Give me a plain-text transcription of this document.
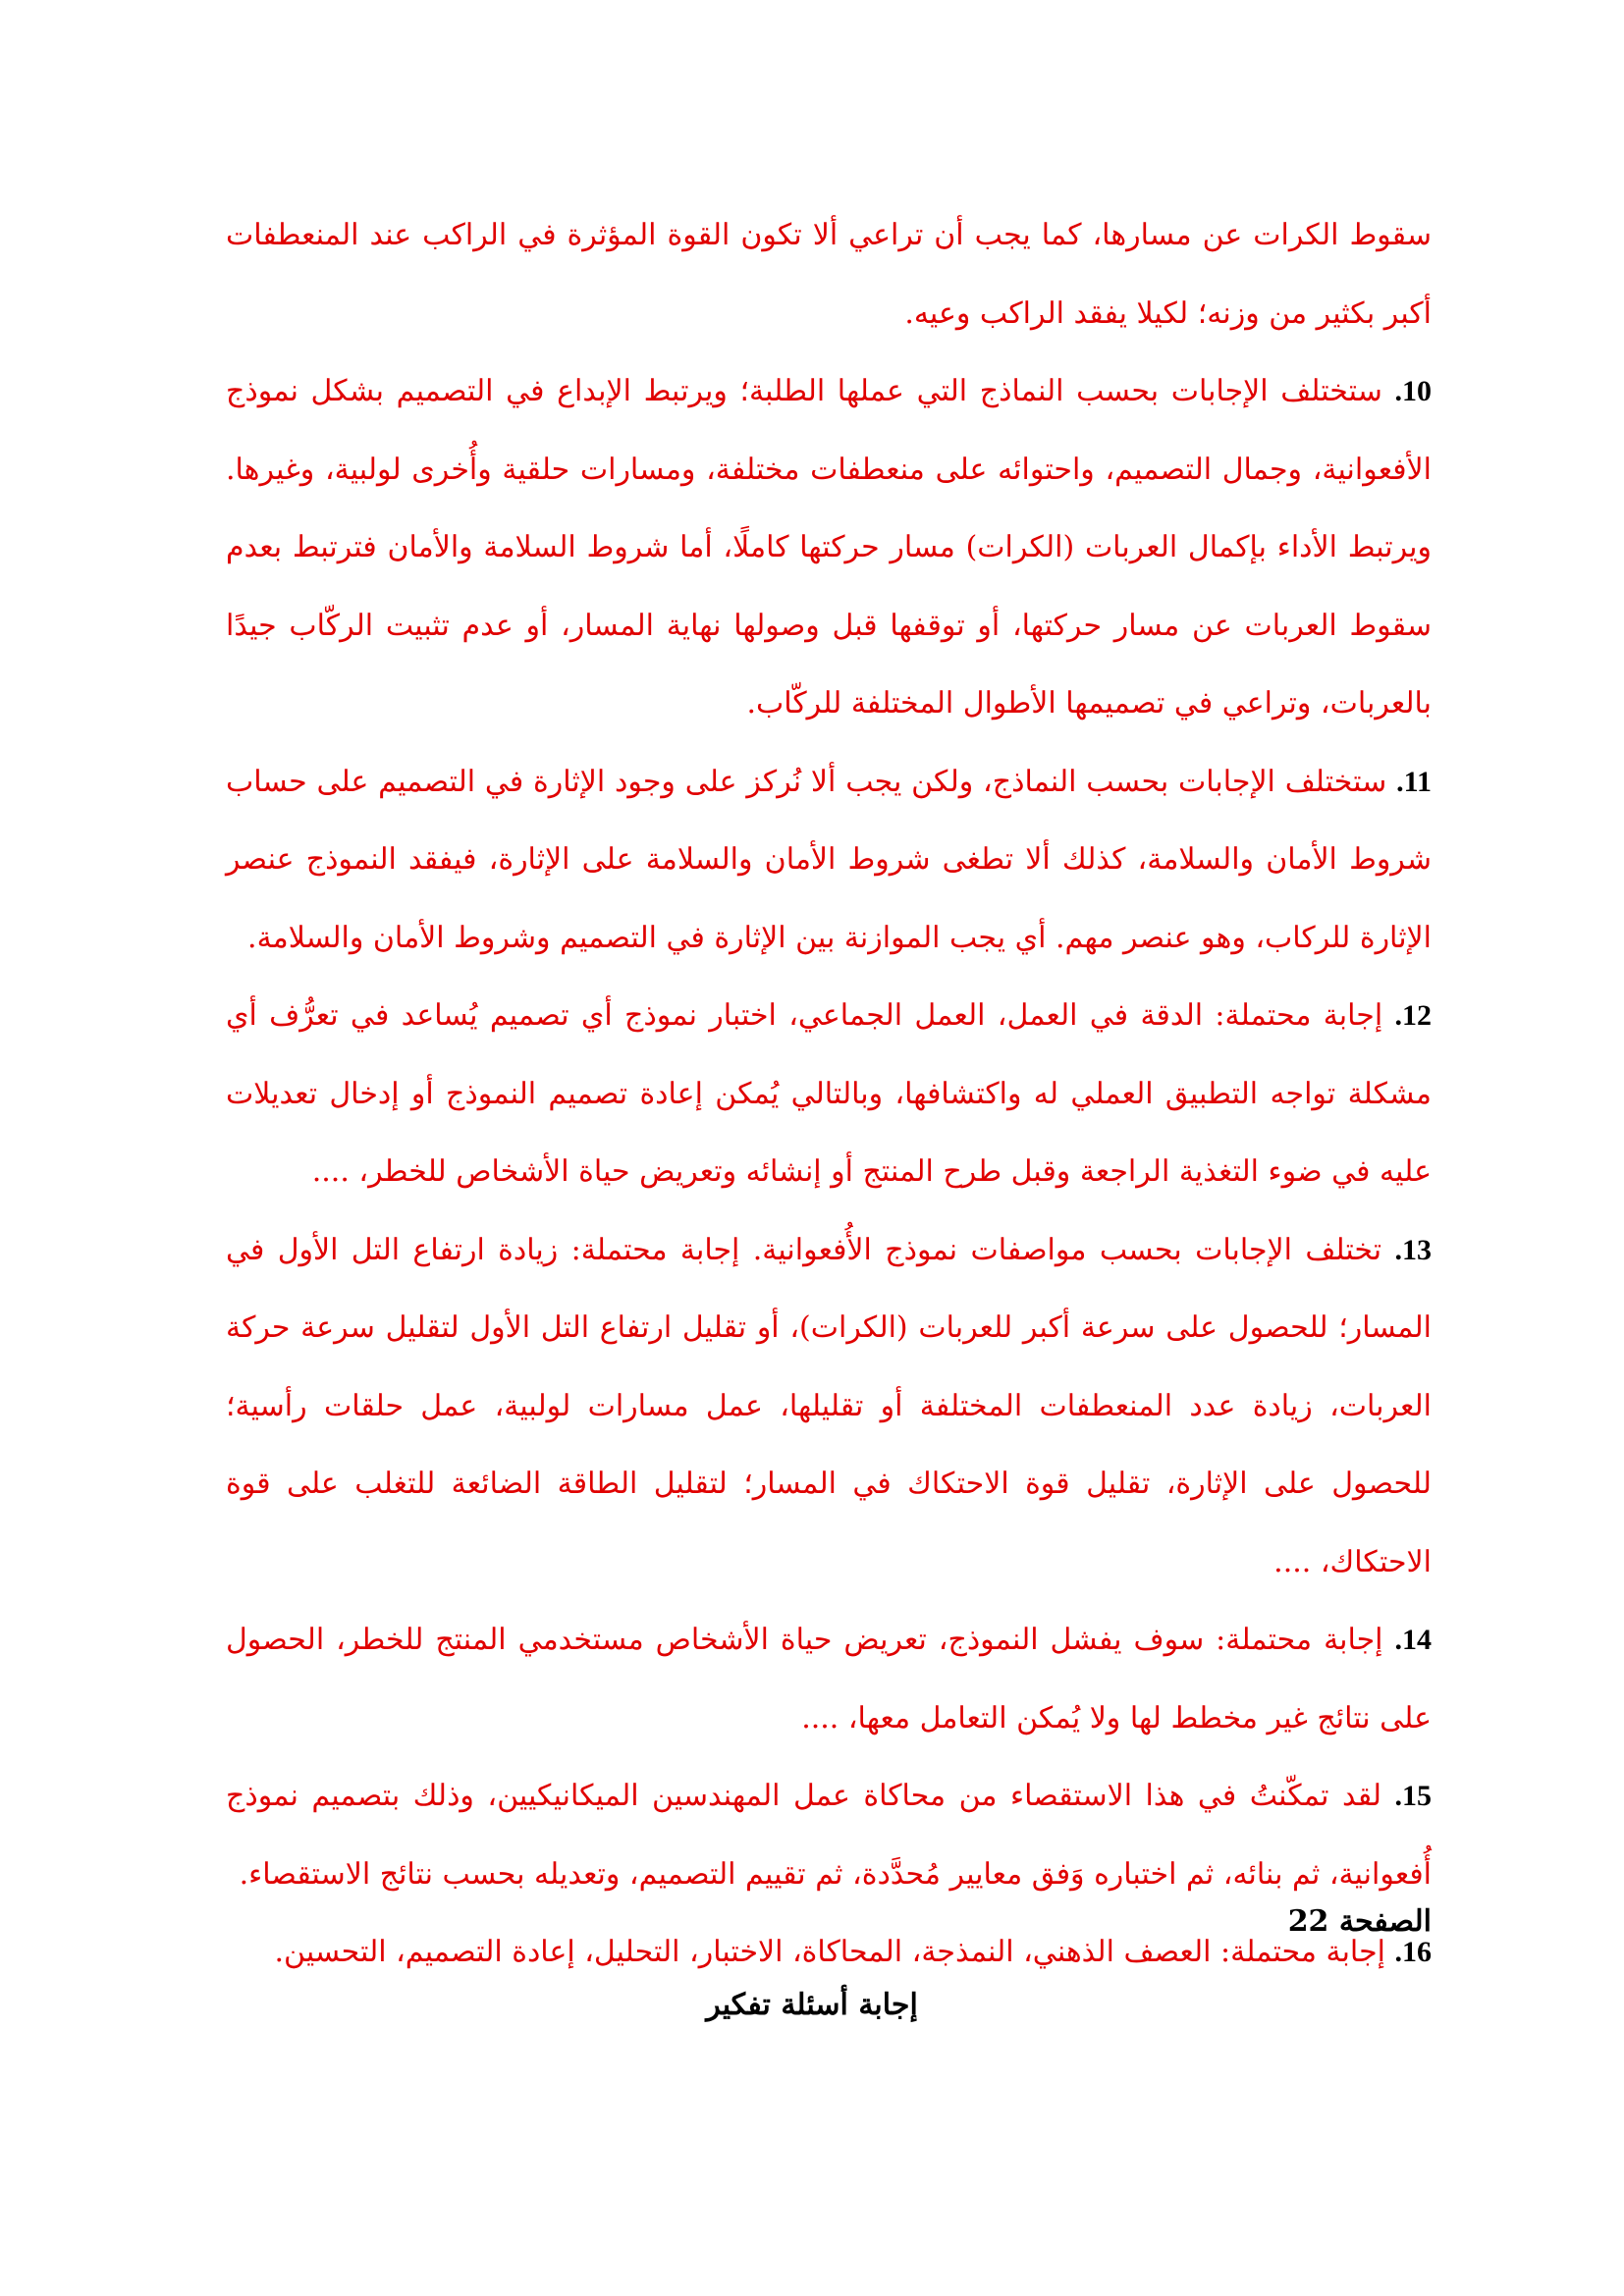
سقوط الكرات عن مسارها، كما يجب أن تراعي ألا تكون القوة المؤثرة في الراكب عند المنعطفات أكبر بكثير من وزنه؛ لكيلا يفقد الراكب وعيه.

10. ستختلف الإجابات بحسب النماذج التي عملها الطلبة؛ ويرتبط الإبداع في التصميم بشكل نموذج الأفعوانية، وجمال التصميم، واحتوائه على منعطفات مختلفة، ومسارات حلقية وأُخرى لولبية، وغيرها. ويرتبط الأداء بإكمال العربات (الكرات) مسار حركتها كاملًا، أما شروط السلامة والأمان فترتبط بعدم سقوط العربات عن مسار حركتها، أو توقفها قبل وصولها نهاية المسار، أو عدم تثبيت الركّاب جيدًا بالعربات، وتراعي في تصميمها الأطوال المختلفة للركّاب.

11. ستختلف الإجابات بحسب النماذج، ولكن يجب ألا نُركز على وجود الإثارة في التصميم على حساب شروط الأمان والسلامة، كذلك ألا تطغى شروط الأمان والسلامة على الإثارة، فيفقد النموذج عنصر الإثارة للركاب، وهو عنصر مهم. أي يجب الموازنة بين الإثارة في التصميم وشروط الأمان والسلامة.

12. إجابة محتملة: الدقة في العمل، العمل الجماعي، اختبار نموذج أي تصميم يُساعد في تعرُّف أي مشكلة تواجه التطبيق العملي له واكتشافها، وبالتالي يُمكن إعادة تصميم النموذج أو إدخال تعديلات عليه في ضوء التغذية الراجعة وقبل طرح المنتج أو إنشائه وتعريض حياة الأشخاص للخطر، ....

13. تختلف الإجابات بحسب مواصفات نموذج الأُفعوانية. إجابة محتملة: زيادة ارتفاع التل الأول في المسار؛ للحصول على سرعة أكبر للعربات (الكرات)، أو تقليل ارتفاع التل الأول لتقليل سرعة حركة العربات، زيادة عدد المنعطفات المختلفة أو تقليلها، عمل مسارات لولبية، عمل حلقات رأسية؛ للحصول على الإثارة، تقليل قوة الاحتكاك في المسار؛ لتقليل الطاقة الضائعة للتغلب على قوة الاحتكاك، ....

14. إجابة محتملة: سوف يفشل النموذج، تعريض حياة الأشخاص مستخدمي المنتج للخطر، الحصول على نتائج غير مخطط لها ولا يُمكن التعامل معها، ....

15. لقد تمكّنتُ في هذا الاستقصاء من محاكاة عمل المهندسين الميكانيكيين، وذلك بتصميم نموذج أُفعوانية، ثم بنائه، ثم اختباره وَفق معايير مُحدَّدة، ثم تقييم التصميم، وتعديله بحسب نتائج الاستقصاء.

16. إجابة محتملة: العصف الذهني، النمذجة، المحاكاة، الاختبار، التحليل، إعادة التصميم، التحسين.

الصفحة 22
إجابة أسئلة تفكير
